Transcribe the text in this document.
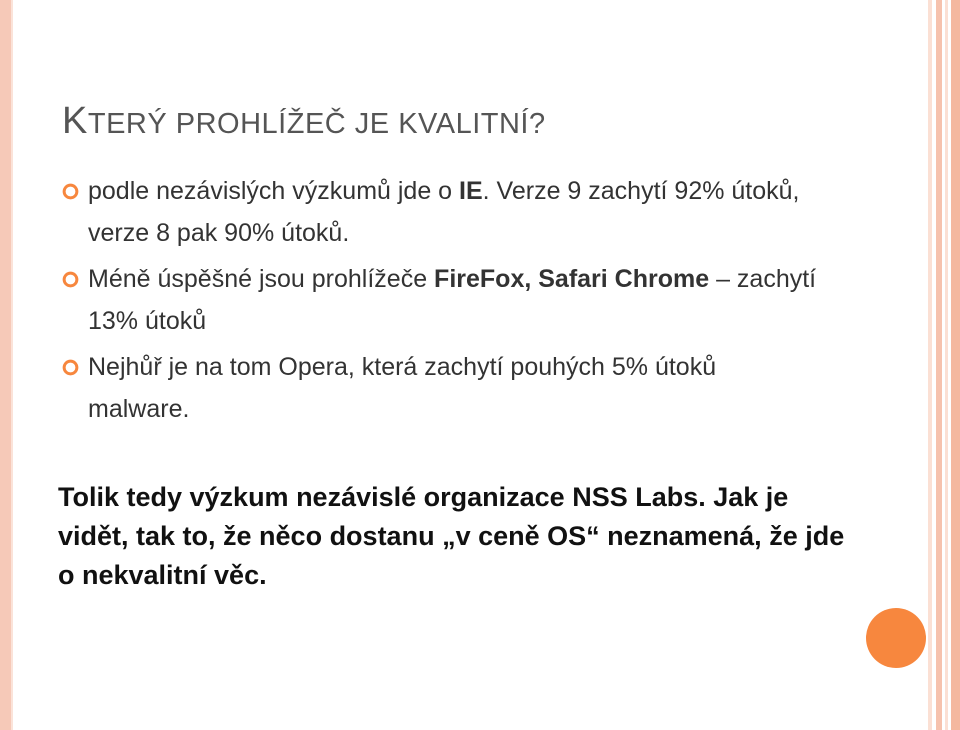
KTERÝ PROHLÍŽEČ JE KVALITNÍ?
podle nezávislých výzkumů jde o IE. Verze 9 zachytí 92% útoků, verze 8 pak 90% útoků.
Méně úspěšné jsou prohlížeče FireFox, Safari Chrome – zachytí 13% útoků
Nejhůř je na tom Opera, která zachytí pouhých 5% útoků malware.
Tolik tedy výzkum nezávislé organizace NSS Labs. Jak je vidět, tak to, že něco dostanu „v ceně OS“ neznamená, že jde o nekvalitní věc.
